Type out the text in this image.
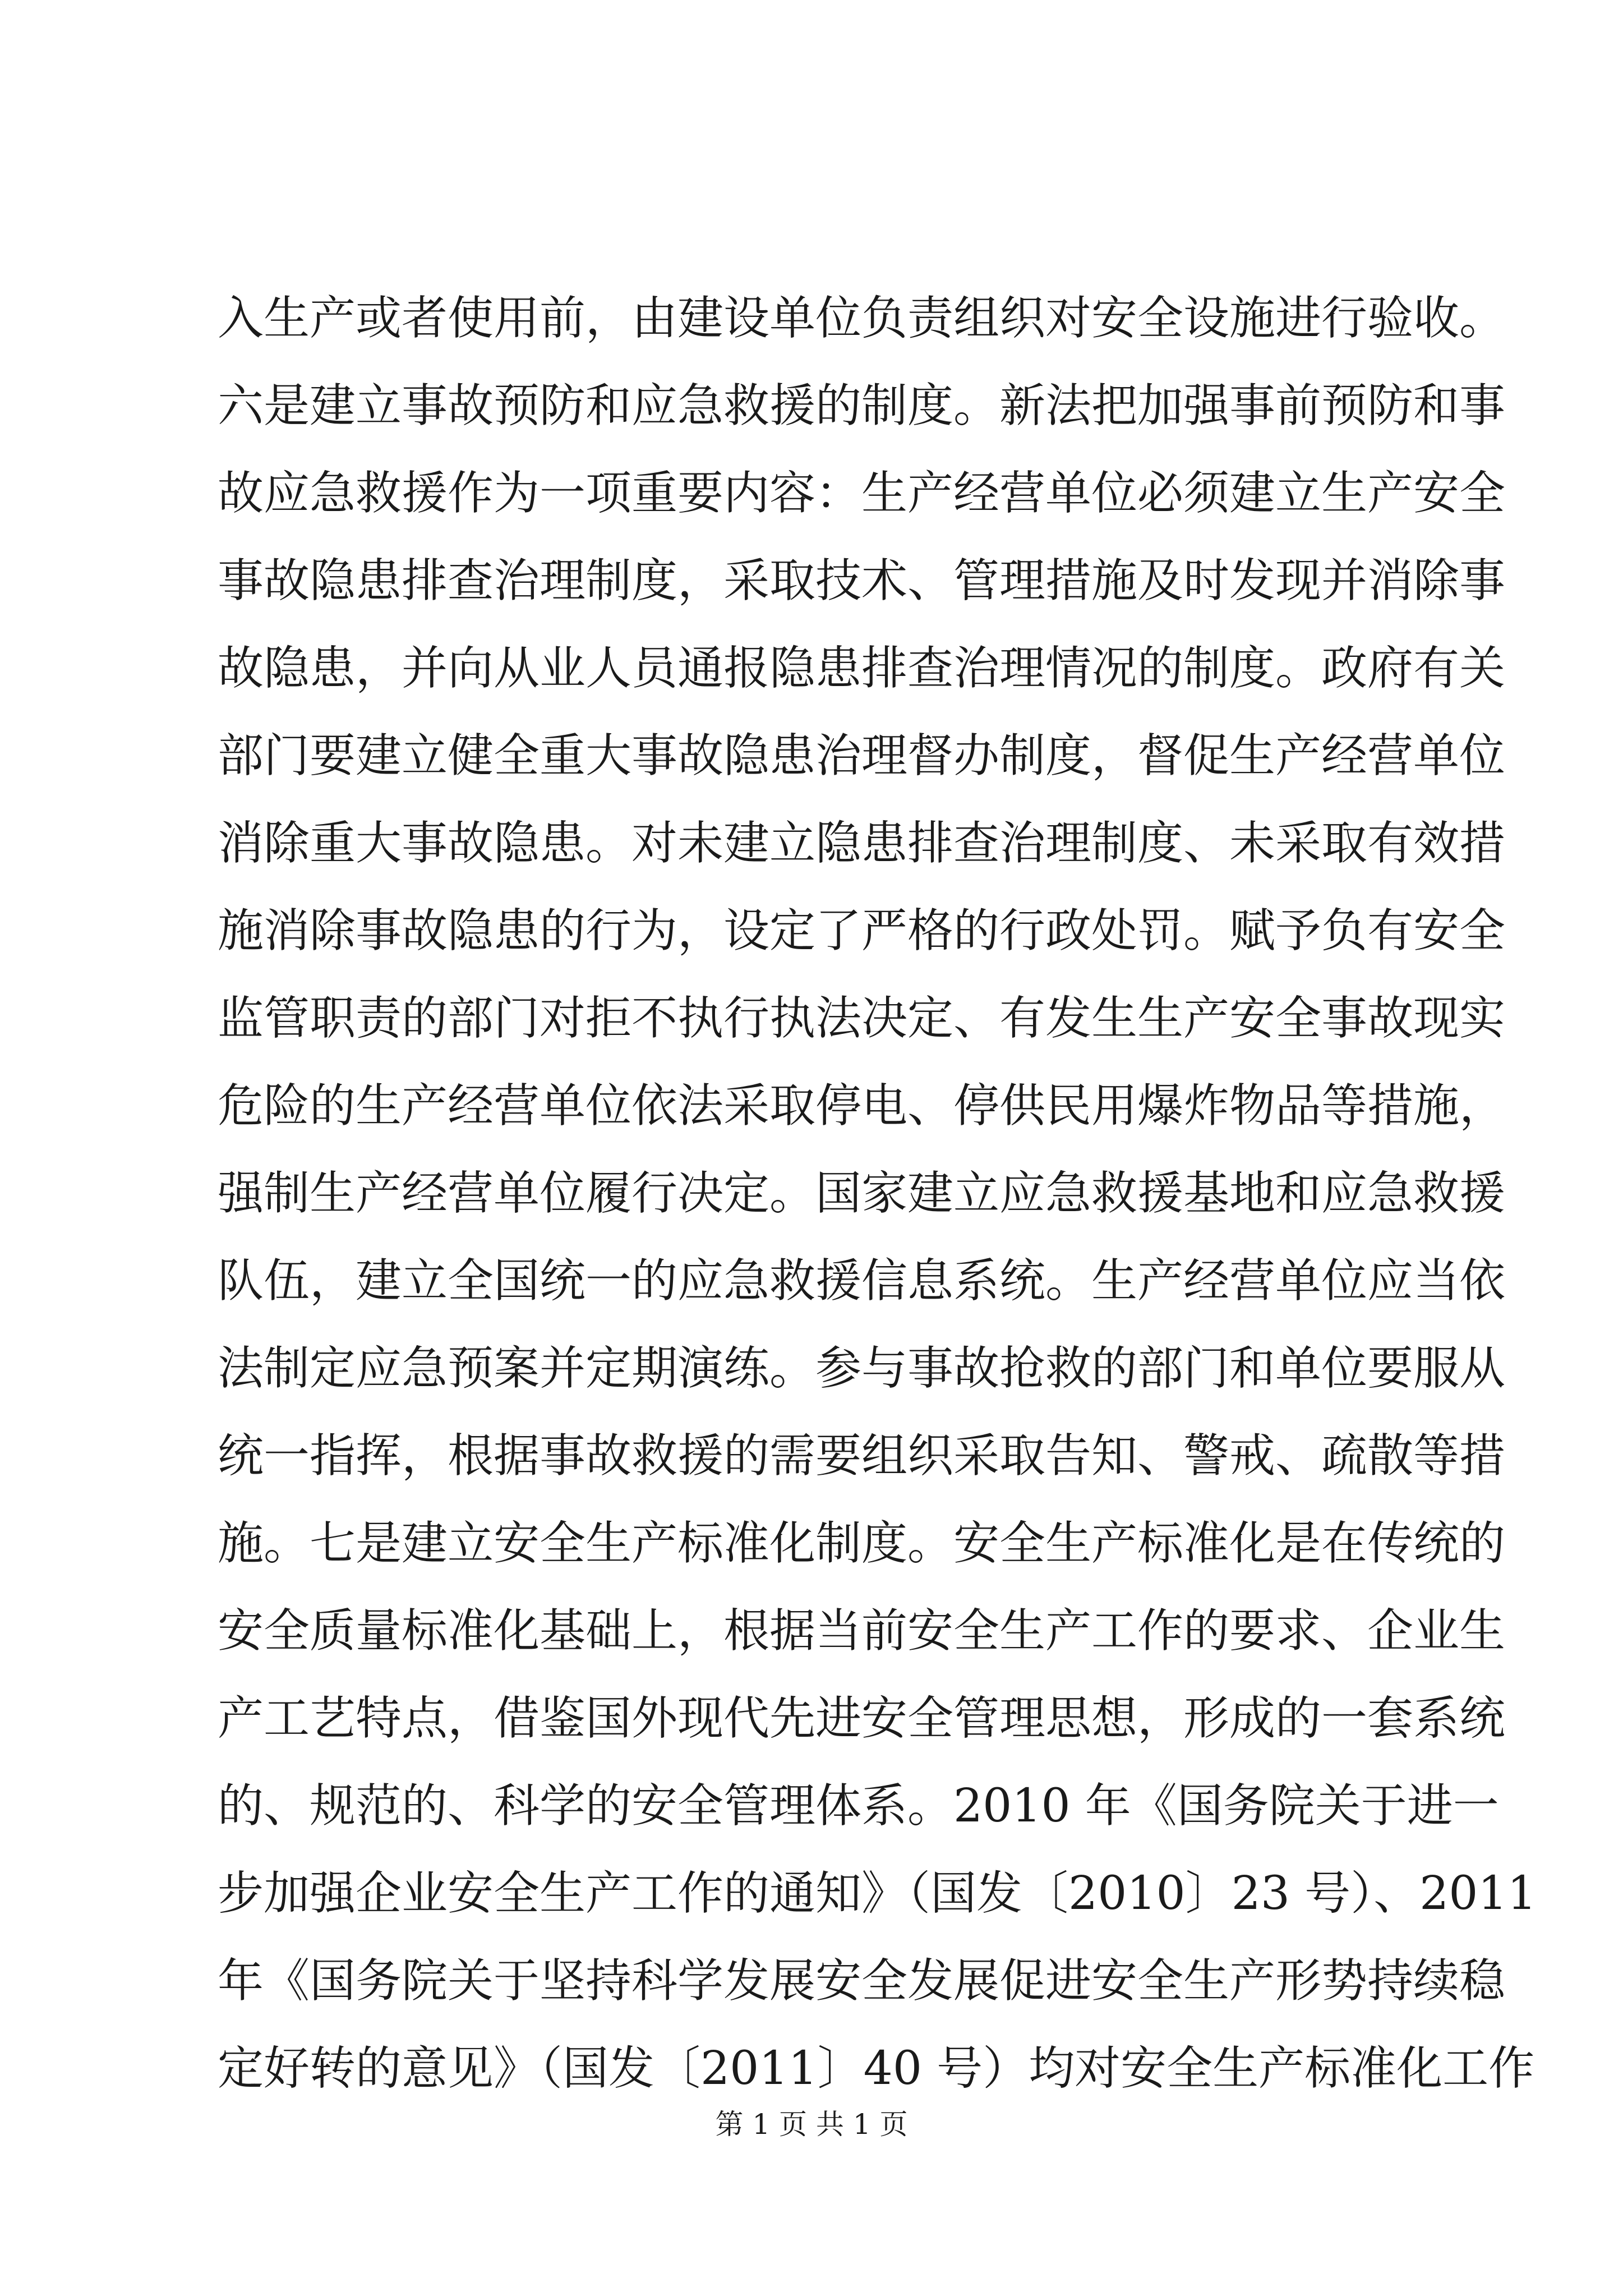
入生产或者使用前，由建设单位负责组织对安全设施进行验收。
六是建立事故预防和应急救援的制度。新法把加强事前预防和事
故应急救援作为一项重要内容：生产经营单位必须建立生产安全
事故隐患排查治理制度，采取技术、管理措施及时发现并消除事
故隐患，并向从业人员通报隐患排查治理情况的制度。政府有关
部门要建立健全重大事故隐患治理督办制度，督促生产经营单位
消除重大事故隐患。对未建立隐患排查治理制度、未采取有效措
施消除事故隐患的行为，设定了严格的行政处罚。赋予负有安全
监管职责的部门对拒不执行执法决定、有发生生产安全事故现实
危险的生产经营单位依法采取停电、停供民用爆炸物品等措施，
强制生产经营单位履行决定。国家建立应急救援基地和应急救援
队伍，建立全国统一的应急救援信息系统。生产经营单位应当依
法制定应急预案并定期演练。参与事故抢救的部门和单位要服从
统一指挥，根据事故救援的需要组织采取告知、警戒、疏散等措
施。七是建立安全生产标准化制度。安全生产标准化是在传统的
安全质量标准化基础上，根据当前安全生产工作的要求、企业生
产工艺特点，借鉴国外现代先进安全管理思想，形成的一套系统
的、规范的、科学的安全管理体系。2010 年《国务院关于进一
步加强企业安全生产工作的通知》（国发〔2010〕23 号）、2011
年《国务院关于坚持科学发展安全发展促进安全生产形势持续稳
定好转的意见》（国发〔2011〕40 号）均对安全生产标准化工作
第 1 页 共 1 页
